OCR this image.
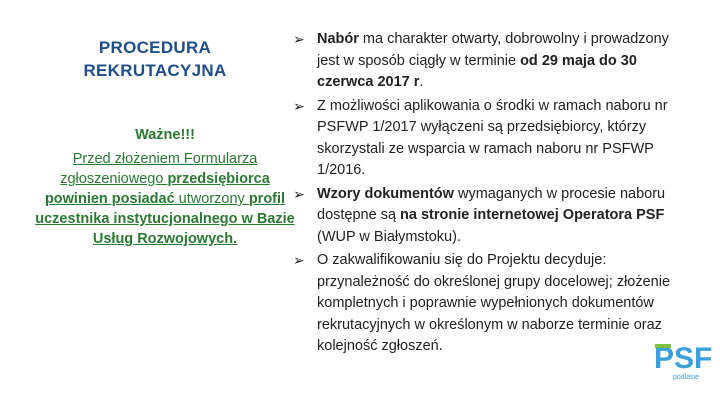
PROCEDURA
REKRUTACYJNA
Ważne!!!
Przed złożeniem Formularza zgłoszeniowego przedsiębiorca powinien posiadać utworzony profil uczestnika instytucjonalnego w Bazie Usług Rozwojowych.
➢ Nabór ma charakter otwarty, dobrowolny i prowadzony jest w sposób ciągły w terminie od 29 maja do 30 czerwca 2017 r.
➢ Z możliwości aplikowania o środki w ramach naboru nr PSFWP 1/2017 wyłączeni są przedsiębiorcy, którzy skorzystali ze wsparcia w ramach naboru nr PSFWP 1/2016.
➢ Wzory dokumentów wymaganych w procesie naboru dostępne są na stronie internetowej Operatora PSF (WUP w Białymstoku).
➢ O zakwalifikowaniu się do Projektu decyduje: przynależność do określonej grupy docelowej; złożenie kompletnych i poprawnie wypełnionych dokumentów rekrutacyjnych w określonym w naborze terminie oraz kolejność zgłoszeń.	PSF
podlasie
